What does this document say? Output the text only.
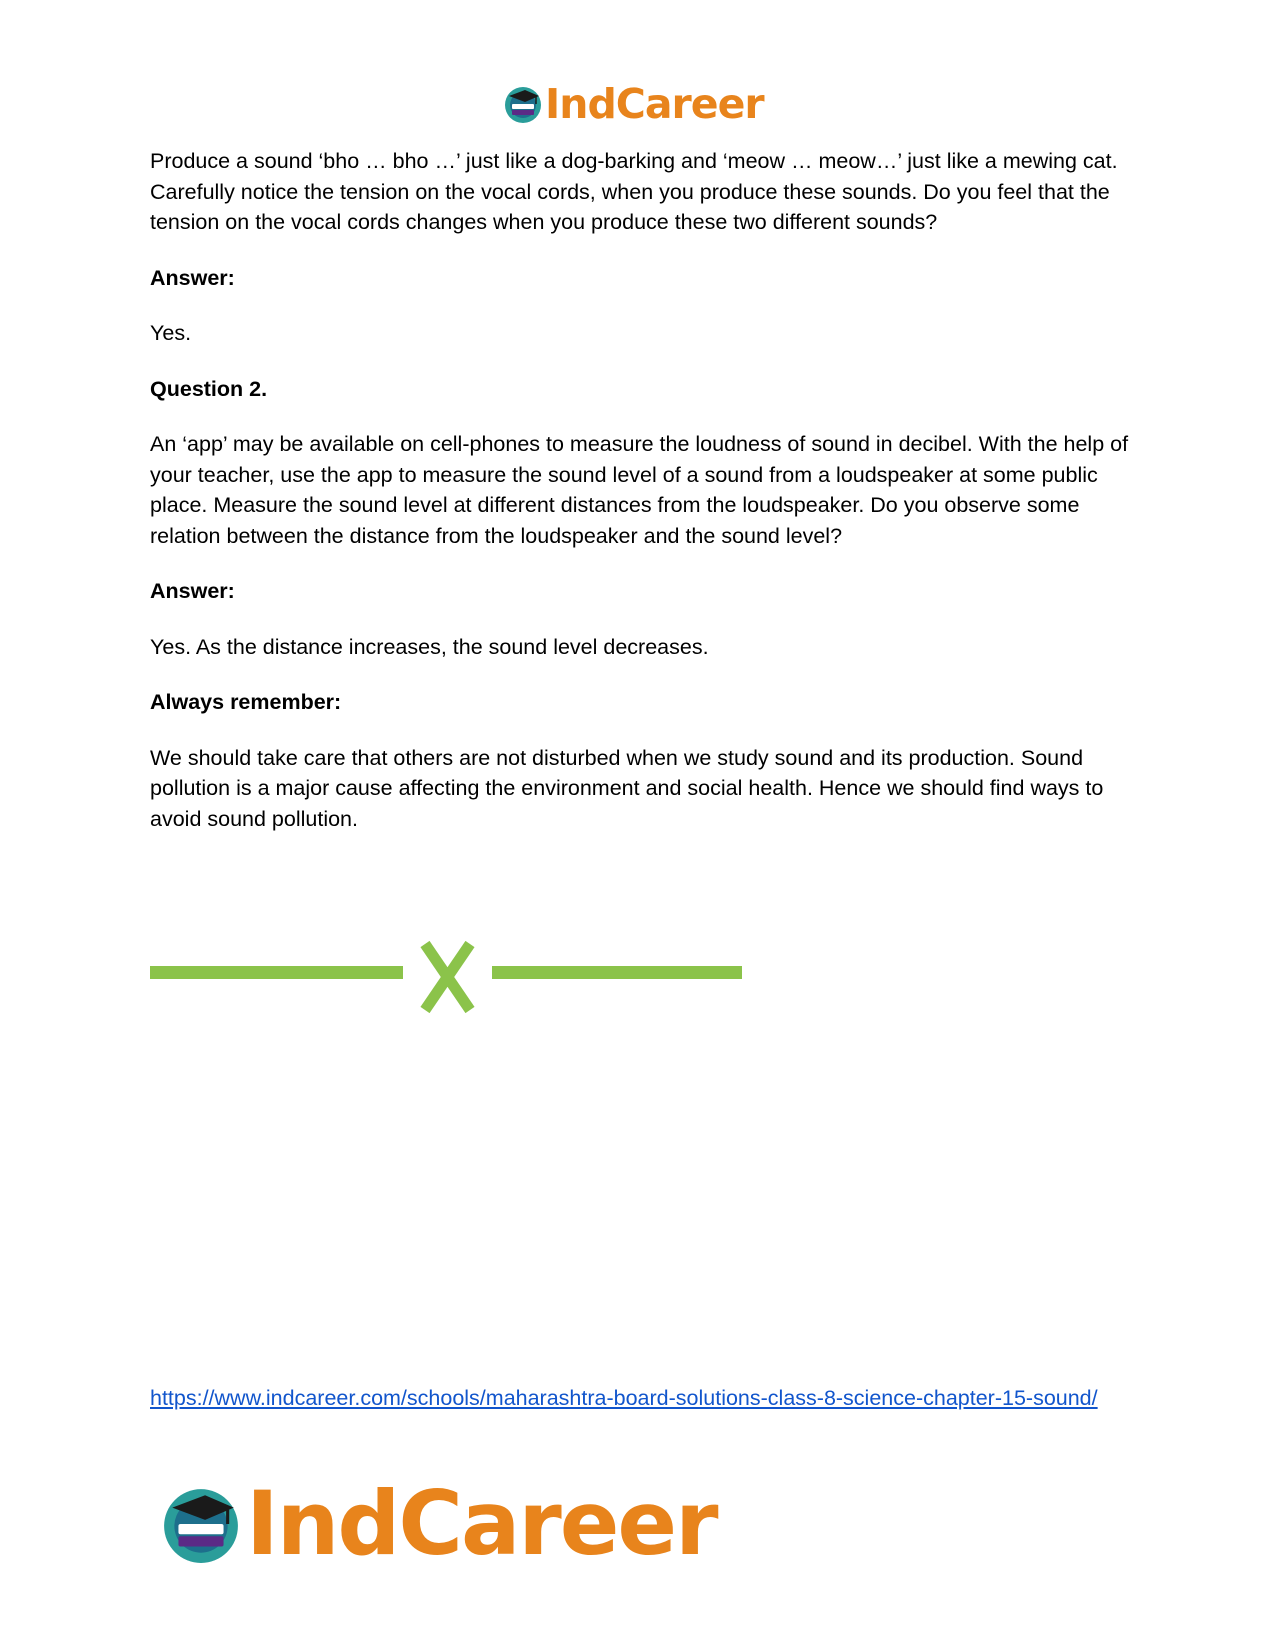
IndCareer

Produce a sound ‘bho … bho …’ just like a dog-barking and ‘meow … meow…’ just like a mewing cat. Carefully notice the tension on the vocal cords, when you produce these sounds. Do you feel that the tension on the vocal cords changes when you produce these two different sounds?

Answer:

Yes.

Question 2.

An ‘app’ may be available on cell-phones to measure the loudness of sound in decibel. With the help of your teacher, use the app to measure the sound level of a sound from a loudspeaker at some public place. Measure the sound level at different distances from the loudspeaker. Do you observe some relation between the distance from the loudspeaker and the sound level?

Answer:

Yes. As the distance increases, the sound level decreases.

Always remember:

We should take care that others are not disturbed when we study sound and its production. Sound pollution is a major cause affecting the environment and social health. Hence we should find ways to avoid sound pollution.

https://www.indcareer.com/schools/maharashtra-board-solutions-class-8-science-chapter-15-sound/
IndCareer
